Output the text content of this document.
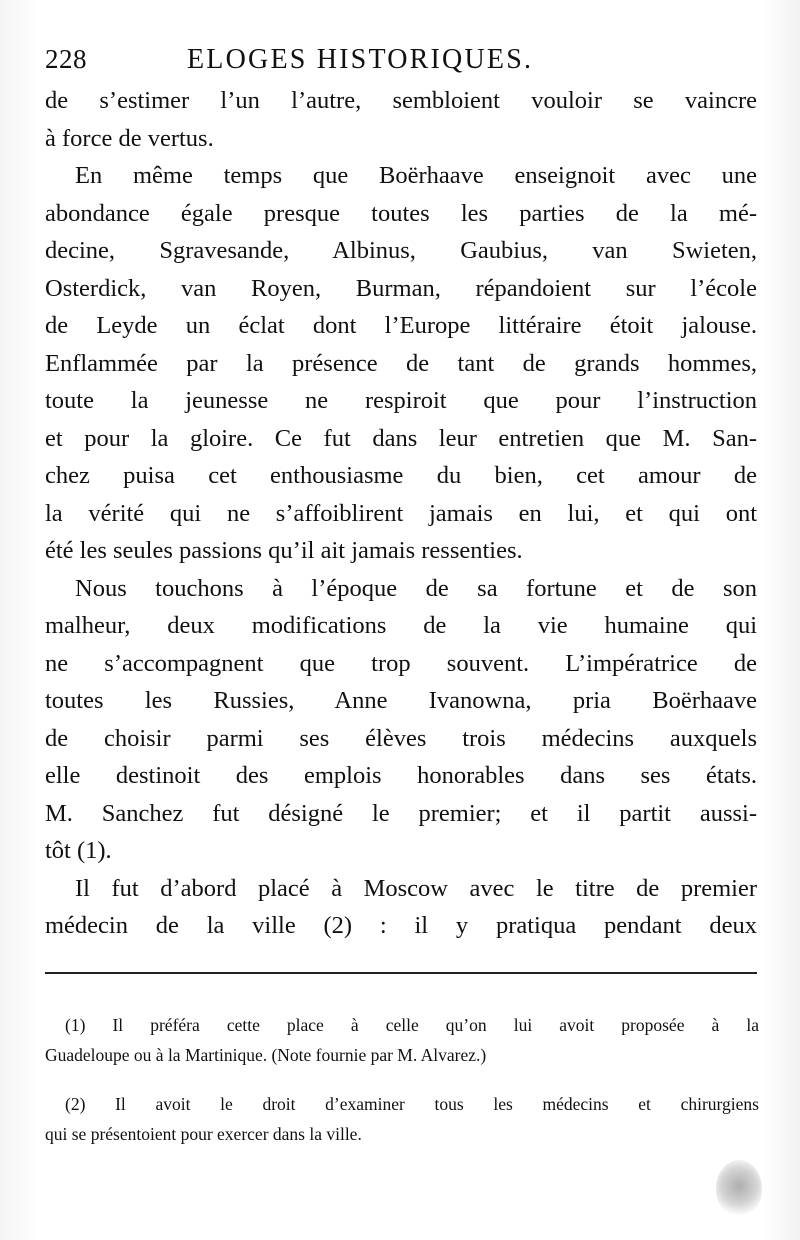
228	ELOGES HISTORIQUES.
de s’estimer l’un l’autre, sembloient vouloir se vaincre
à force de vertus.
En même temps que Boërhaave enseignoit avec une
abondance égale presque toutes les parties de la mé-
decine, Sgravesande, Albinus, Gaubius, van Swieten,
Osterdick, van Royen, Burman, répandoient sur l’école
de Leyde un éclat dont l’Europe littéraire étoit jalouse.
Enflammée par la présence de tant de grands hommes,
toute la jeunesse ne respiroit que pour l’instruction
et pour la gloire. Ce fut dans leur entretien que M. San-
chez puisa cet enthousiasme du bien, cet amour de
la vérité qui ne s’affoiblirent jamais en lui, et qui ont
été les seules passions qu’il ait jamais ressenties.
Nous touchons à l’époque de sa fortune et de son
malheur, deux modifications de la vie humaine qui
ne s’accompagnent que trop souvent. L’impératrice de
toutes les Russies, Anne Ivanowna, pria Boërhaave
de choisir parmi ses élèves trois médecins auxquels
elle destinoit des emplois honorables dans ses états.
M. Sanchez fut désigné le premier; et il partit aussi-
tôt (1).
Il fut d’abord placé à Moscow avec le titre de premier
médecin de la ville (2) : il y pratiqua pendant deux
(1) Il préféra cette place à celle qu’on lui avoit proposée à la
Guadeloupe ou à la Martinique. (Note fournie par M. Alvarez.)
(2) Il avoit le droit d’examiner tous les médecins et chirurgiens
qui se présentoient pour exercer dans la ville.
